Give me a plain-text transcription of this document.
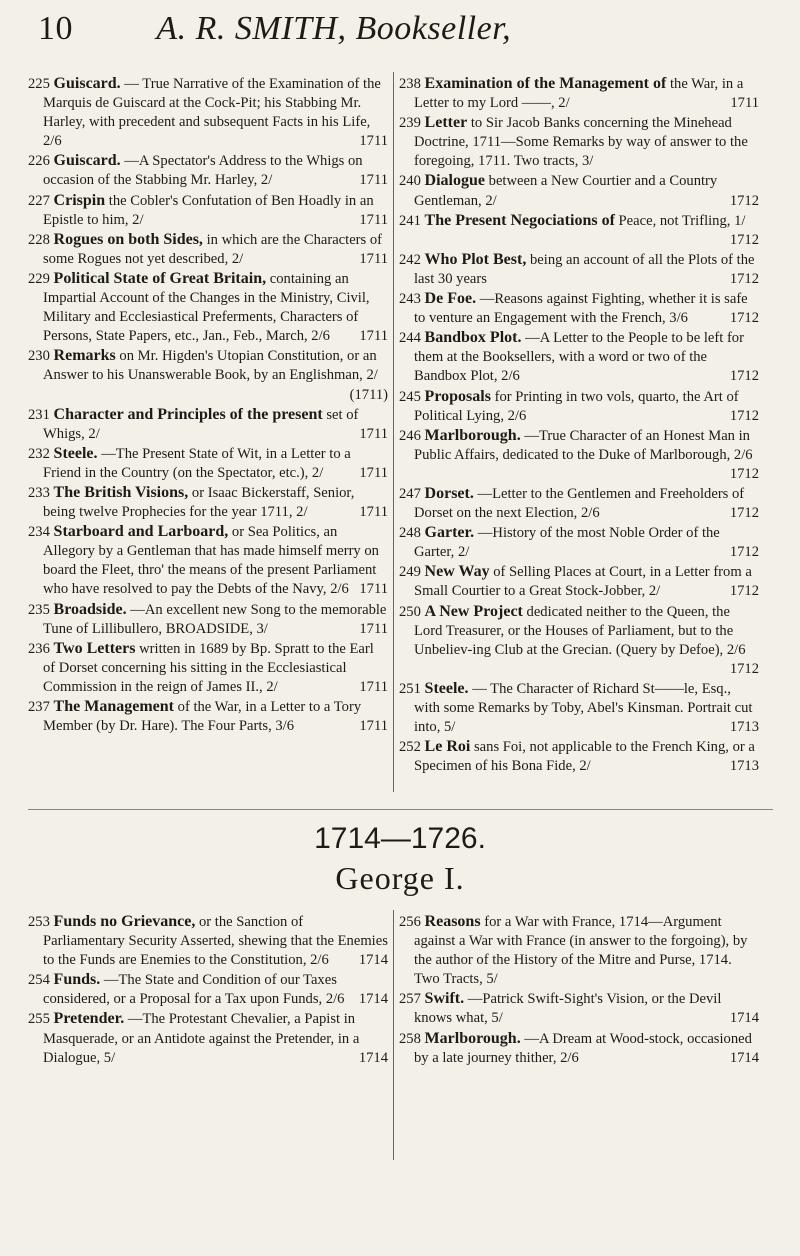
10 A. R. SMITH, Bookseller,

225 Guiscard. — True Narrative of the Examination of the Marquis de Guiscard at the Cock-Pit; his Stabbing Mr. Harley, with precedent and subsequent Facts in his Life, 2/6	1711

226 Guiscard. —A Spectator's Address to the Whigs on occasion of the Stabbing Mr. Harley, 2/	1711

227 Crispin the Cobler's Confutation of Ben Hoadly in an Epistle to him, 2/	1711

228 Rogues on both Sides, in which are the Characters of some Rogues not yet described, 2/	1711

229 Political State of Great Britain, containing an Impartial Account of the Changes in the Ministry, Civil, Military and Ecclesiastical Preferments, Characters of Persons, State Papers, etc., Jan., Feb., March, 2/6 1711

230 Remarks on Mr. Higden's Utopian Constitution, or an Answer to his Unanswerable Book, by an Englishman, 2/
(1711)

231 Character and Principles of the present set of Whigs, 2/	1711

232 Steele. —The Present State of Wit, in a Letter to a Friend in the Country (on the Spectator, etc.), 2/ 1711

233 The British Visions, or Isaac Bickerstaff, Senior, being twelve Prophecies for the year 1711, 2/	1711

234 Starboard and Larboard, or Sea Politics, an Allegory by a Gentleman that has made himself merry on board the Fleet, thro' the means of the present Parliament who have resolved to pay the Debts of the Navy, 2/6 1711

235 Broadside. —An excellent new Song to the memorable Tune of Lillibullero, BROADSIDE, 3/	1711

236 Two Letters written in 1689 by Bp. Spratt to the Earl of Dorset concerning his sitting in the Ecclesiastical Commission in the reign of James II., 2/	1711

237 The Management of the War, in a Letter to a Tory Member (by Dr. Hare). The Four Parts, 3/6	1711

238 Examination of the Management of the War, in a Letter to my Lord ——, 2/	1711

239 Letter to Sir Jacob Banks concerning the Minehead Doctrine, 1711—Some Remarks by way of answer to the foregoing, 1711. Two tracts, 3/

240 Dialogue between a New Courtier and a Country Gentleman, 2/	1712

241 The Present Negociations of Peace, not Trifling, 1/
1712

242 Who Plot Best, being an account of all the Plots of the last 30 years	1712

243 De Foe. —Reasons against Fighting, whether it is safe to venture an Engagement with the French, 3/6	1712

244 Bandbox Plot. —A Letter to the People to be left for them at the Booksellers, with a word or two of the Bandbox Plot, 2/6	1712

245 Proposals for Printing in two vols, quarto, the Art of Political Lying, 2/6	1712

246 Marlborough. —True Character of an Honest Man in Public Affairs, dedicated to the Duke of Marlborough, 2/6
1712

247 Dorset. —Letter to the Gentlemen and Freeholders of Dorset on the next Election, 2/6	1712

248 Garter. —History of the most Noble Order of the Garter, 2/	1712

249 New Way of Selling Places at Court, in a Letter from a Small Courtier to a Great Stock-Jobber, 2/	1712

250 A New Project dedicated neither to the Queen, the Lord Treasurer, or the Houses of Parliament, but to the Unbeliev-ing Club at the Grecian. (Query by Defoe), 2/6
1712

251 Steele. — The Character of Richard St——le, Esq., with some Remarks by Toby, Abel's Kinsman. Portrait cut into, 5/	1713

252 Le Roi sans Foi, not applicable to the French King, or a Specimen of his Bona Fide, 2/	1713

1714—1726.
George I.

253 Funds no Grievance, or the Sanction of Parliamentary Security Asserted, shewing that the Enemies to the Funds are Enemies to the Constitution, 2/6 1714

254 Funds. —The State and Condition of our Taxes considered, or a Proposal for a Tax upon Funds, 2/6 1714

255 Pretender. —The Protestant Chevalier, a Papist in Masquerade, or an Antidote against the Pretender, in a Dialogue, 5/	1714

256 Reasons for a War with France, 1714—Argument against a War with France (in answer to the forgoing), by the author of the History of the Mitre and Purse, 1714. Two Tracts, 5/

257 Swift. —Patrick Swift-Sight's Vision, or the Devil knows what, 5/	1714

258 Marlborough. —A Dream at Wood-stock, occasioned by a late journey thither, 2/6	1714
